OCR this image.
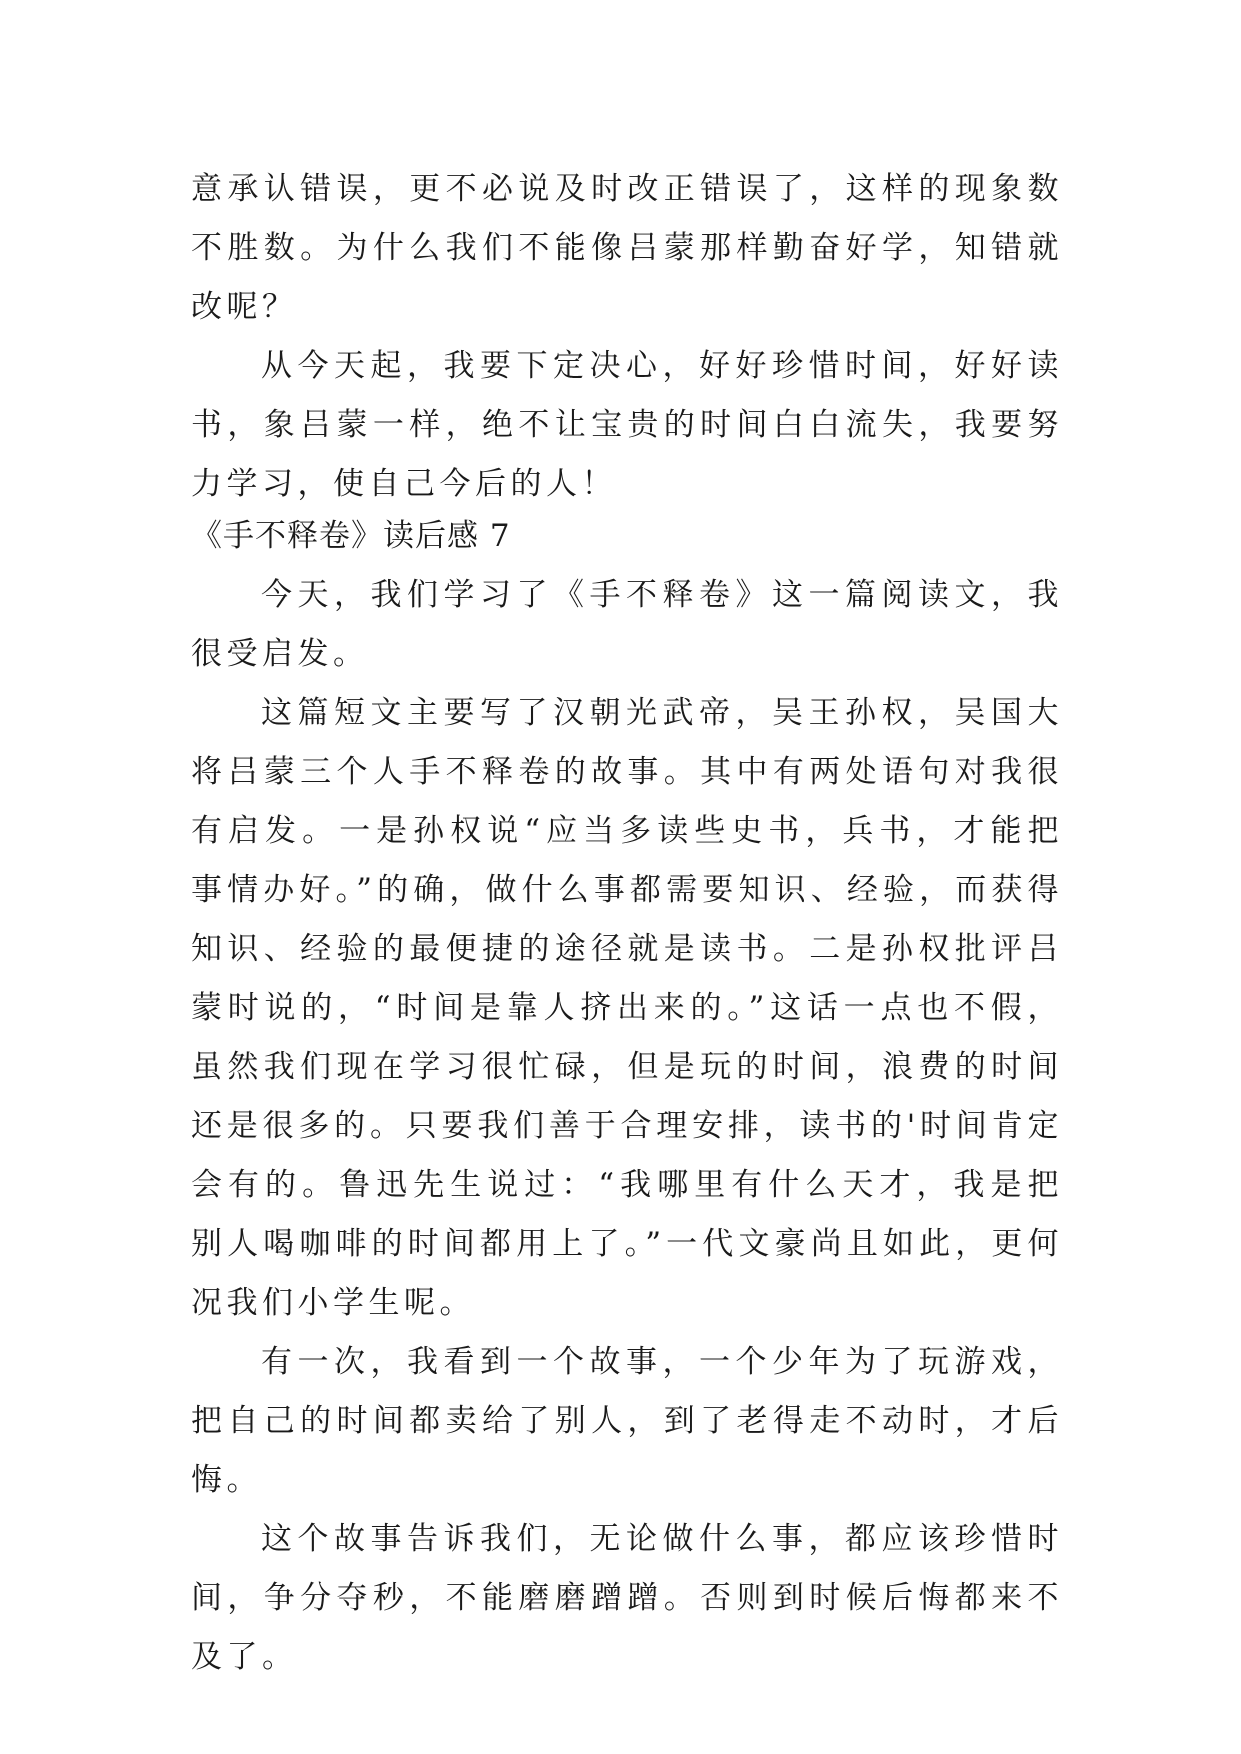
意承认错误，更不必说及时改正错误了，这样的现象数不胜数。为什么我们不能像吕蒙那样勤奋好学，知错就改呢？

从今天起，我要下定决心，好好珍惜时间，好好读书，象吕蒙一样，绝不让宝贵的时间白白流失，我要努力学习，使自己今后的人！

《手不释卷》读后感 7

今天，我们学习了《手不释卷》这一篇阅读文，我很受启发。

这篇短文主要写了汉朝光武帝，吴王孙权，吴国大将吕蒙三个人手不释卷的故事。其中有两处语句对我很有启发。一是孙权说“应当多读些史书，兵书，才能把事情办好。”的确，做什么事都需要知识、经验，而获得知识、经验的最便捷的途径就是读书。二是孙权批评吕蒙时说的，“时间是靠人挤出来的。”这话一点也不假，虽然我们现在学习很忙碌，但是玩的时间，浪费的时间还是很多的。只要我们善于合理安排，读书的'时间肯定会有的。鲁迅先生说过：“我哪里有什么天才，我是把别人喝咖啡的时间都用上了。”一代文豪尚且如此，更何况我们小学生呢。

有一次，我看到一个故事，一个少年为了玩游戏，把自己的时间都卖给了别人，到了老得走不动时，才后悔。

这个故事告诉我们，无论做什么事，都应该珍惜时间，争分夺秒，不能磨磨蹭蹭。否则到时候后悔都来不及了。
